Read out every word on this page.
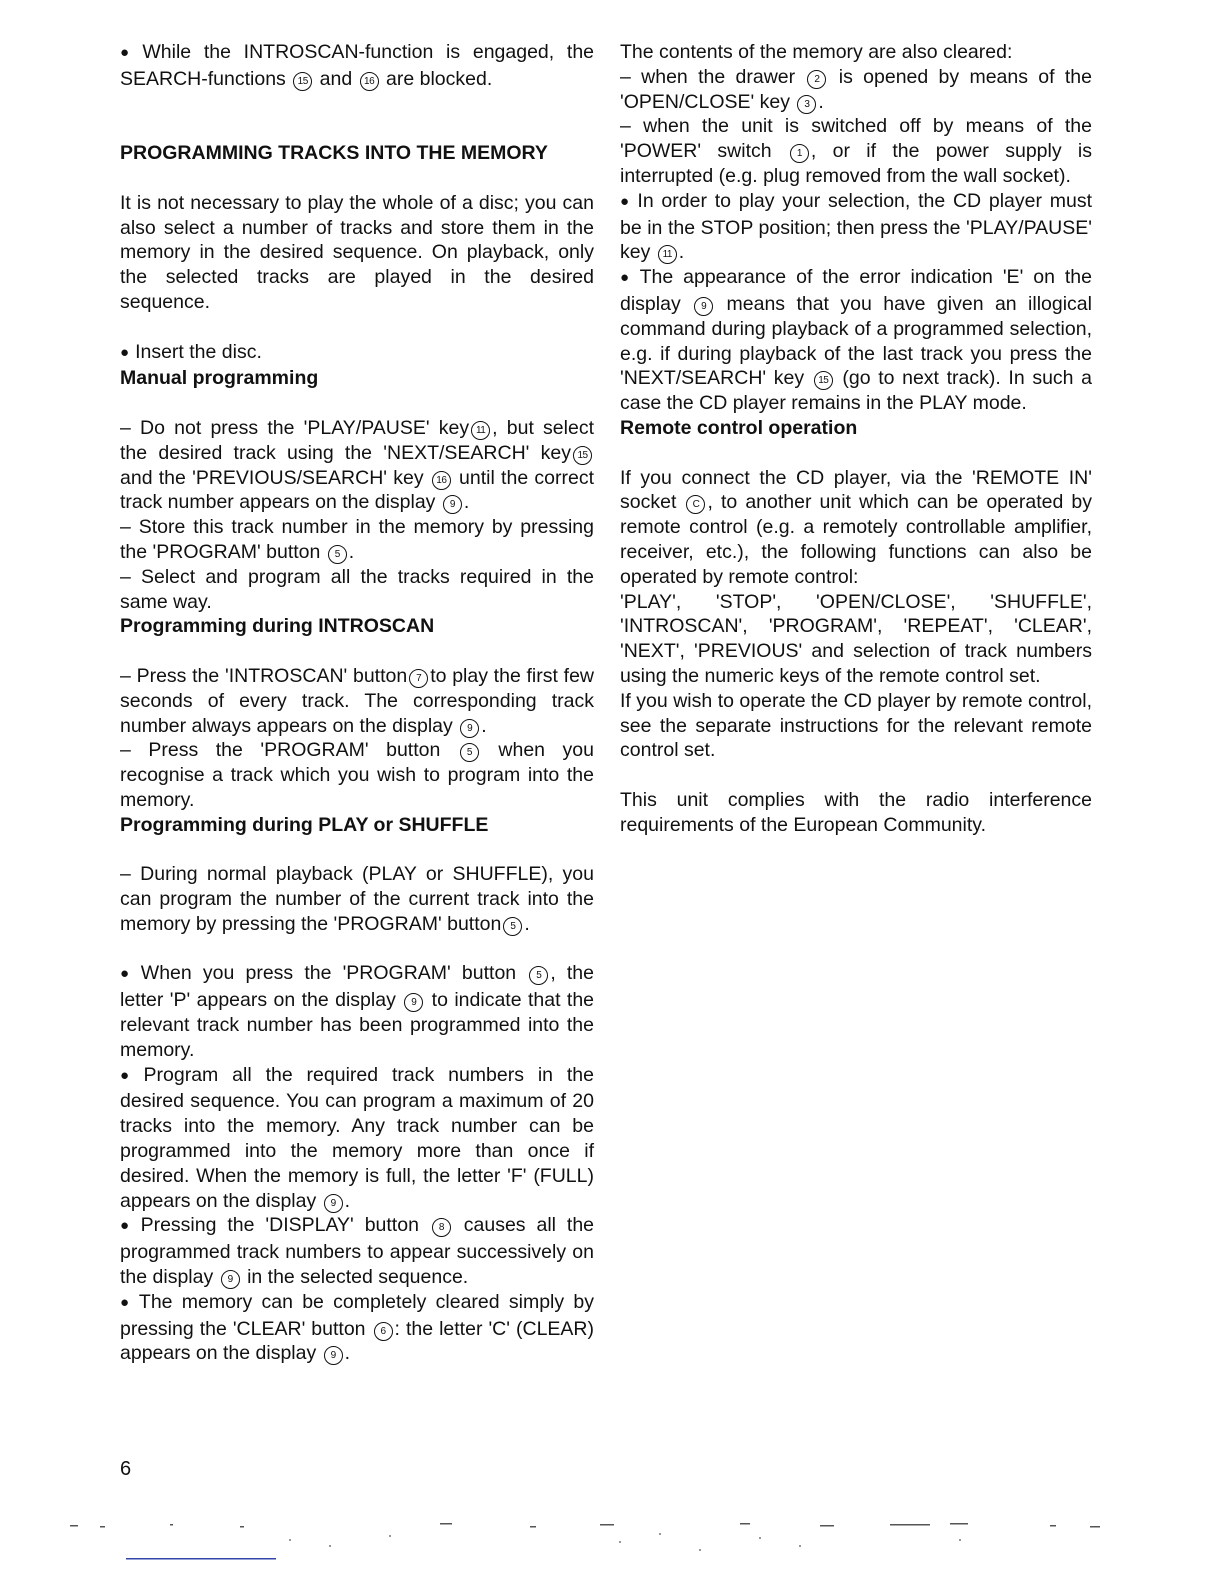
● While the INTROSCAN-function is engaged, the SEARCH-functions 15 and 16 are blocked.

PROGRAMMING TRACKS INTO THE MEMORY

It is not necessary to play the whole of a disc; you can also select a number of tracks and store them in the memory in the desired sequence. On playback, only the selected tracks are played in the desired sequence.

● Insert the disc.

Manual programming

– Do not press the 'PLAY/PAUSE' key 11 , but select the desired track using the 'NEXT/SEARCH' key 15 and the 'PREVIOUS/SEARCH' key 16 until the correct track number appears on the display 9 .

– Store this track number in the memory by pressing the 'PROGRAM' button 5 .

– Select and program all the tracks required in the same way.

Programming during INTROSCAN

– Press the 'INTROSCAN' button 7 to play the first few seconds of every track. The corresponding track number always appears on the display 9 .

– Press the 'PROGRAM' button 5 when you recognise a track which you wish to program into the memory.

Programming during PLAY or SHUFFLE

– During normal playback (PLAY or SHUFFLE), you can program the number of the current track into the memory by pressing the 'PROGRAM' button 5 .

● When you press the 'PROGRAM' button 5 , the letter 'P' appears on the display 9 to indicate that the relevant track number has been programmed into the memory.

● Program all the required track numbers in the desired sequence. You can program a maximum of 20 tracks into the memory. Any track number can be programmed into the memory more than once if desired. When the memory is full, the letter 'F' (FULL) appears on the display 9 .

● Pressing the 'DISPLAY' button 8 causes all the programmed track numbers to appear successively on the display 9 in the selected sequence.

● The memory can be completely cleared simply by pressing the 'CLEAR' button 6 : the letter 'C' (CLEAR) appears on the display 9 .

The contents of the memory are also cleared:

– when the drawer 2 is opened by means of the 'OPEN/CLOSE' key 3 .

– when the unit is switched off by means of the 'POWER' switch 1 , or if the power supply is interrupted (e.g. plug removed from the wall socket).

● In order to play your selection, the CD player must be in the STOP position; then press the 'PLAY/PAUSE' key 11 .

● The appearance of the error indication 'E' on the display 9 means that you have given an illogical command during playback of a programmed selection, e.g. if during playback of the last track you press the 'NEXT/SEARCH' key 15 (go to next track). In such a case the CD player remains in the PLAY mode.

Remote control operation

If you connect the CD player, via the 'REMOTE IN' socket C , to another unit which can be operated by remote control (e.g. a remotely controllable amplifier, receiver, etc.), the following functions can also be operated by remote control:

'PLAY', 'STOP', 'OPEN/CLOSE', 'SHUFFLE', 'INTROSCAN', 'PROGRAM', 'REPEAT', 'CLEAR', 'NEXT', 'PREVIOUS' and selection of track numbers using the numeric keys of the remote control set.

If you wish to operate the CD player by remote control, see the separate instructions for the relevant remote control set.

This unit complies with the radio interference requirements of the European Community.

6
